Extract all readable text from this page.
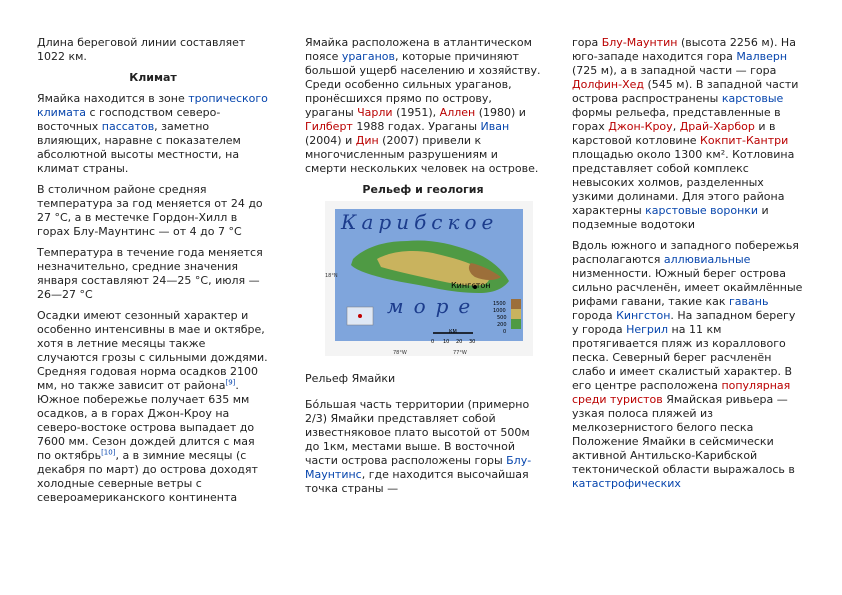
Длина береговой линии составляет 1022 км.

Климат

Ямайка находится в зоне тропического климата с господством северо-восточных пассатов, заметно влияющих, наравне с показателем абсолютной высоты местности, на климат страны.

В столичном районе средняя температура за год меняется от 24 до 27 °C, а в местечке Гордон-Хилл в горах Блу-Маунтинс — от 4 до 7 °C

Температура в течение года меняется незначительно, средние значения января составляют 24—25 °C, июля — 26—27 °C

Осадки имеют сезонный характер и особенно интенсивны в мае и октябре, хотя в летние месяцы также случаются грозы с сильными дождями. Средняя годовая норма осадков 2100 мм, но также зависит от района[9]. Южное побережье получает 635 мм осадков, а в горах Джон-Кроу на северо-востоке острова выпадает до 7600 мм. Сезон дождей длится с мая по октябрь[10], а в зимние месяцы (с декабря по март) до острова доходят холодные северные ветры с североамериканского континента

Ямайка расположена в атлантическом поясе ураганов, которые причиняют большой ущерб населению и хозяйству. Среди особенно сильных ураганов, пронёсшихся прямо по острову, ураганы Чарли (1951), Аллен (1980) и Гилберт 1988 годах. Ураганы Иван (2004) и Дин (2007) привели к многочисленным разрушениям и смерти нескольких человек на острове.

Рельеф и геология
Карибское
море
Кингстон
18°N
78°W	77°W
КМ
0 10 20 30
1500
1000
500
200
0
Рельеф Ямайки

Бóльшая часть территории (примерно 2/3) Ямайки представляет собой известняковое плато высотой от 500м до 1км, местами выше. В восточной части острова расположены горы Блу-Маунтинс, где находится высочайшая точка страны —

гора Блу-Маунтин (высота 2256 м). На юго-западе находится гора Малверн (725 м), а в западной части — гора Долфин-Хед (545 м). В западной части острова распространены карстовые формы рельефа, представленные в горах Джон-Кроу, Драй-Харбор и в карстовой котловине Кокпит-Кантри площадью около 1300 км². Котловина представляет собой комплекс невысоких холмов, разделенных узкими долинами. Для этого района характерны карстовые воронки и подземные водотоки

Вдоль южного и западного побережья располагаются аллювиальные низменности. Южный берег острова сильно расчленён, имеет окаймлённые рифами гавани, такие как гавань города Кингстон. На западном берегу у города Негрил на 11 км протягивается пляж из кораллового песка. Северный берег расчленён слабо и имеет скалистый характер. В его центре расположена популярная среди туристов Ямайская ривьера — узкая полоса пляжей из мелкозернистого белого песка Положение Ямайки в сейсмически активной Антильско-Карибской тектонической области выражалось в катастрофических
